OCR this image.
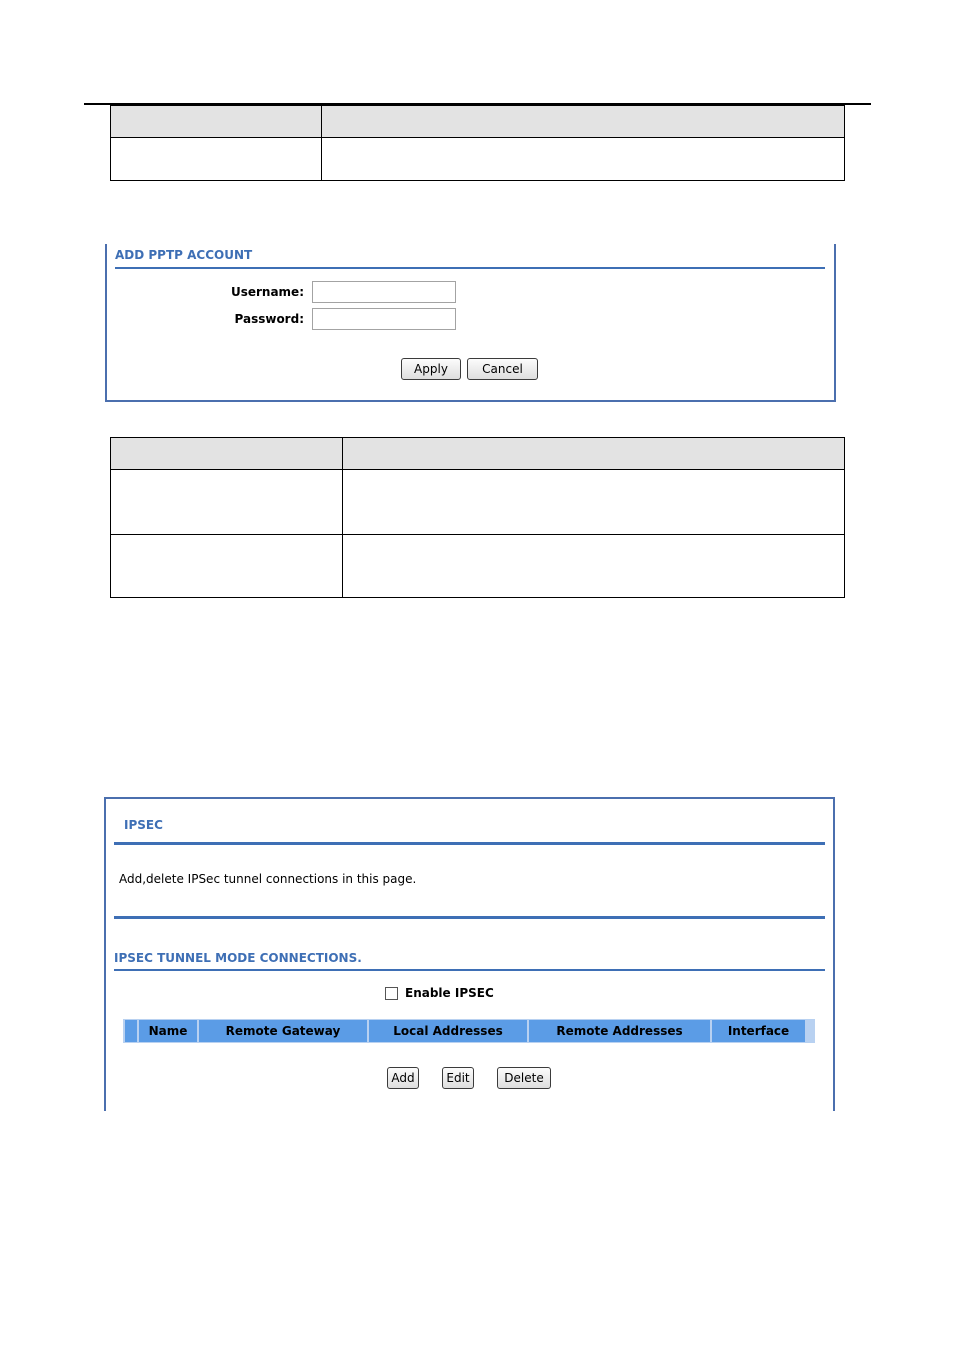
ADD PPTP ACCOUNT
Username:
Password:
Apply	Cancel

IPSEC
Add,delete IPSec tunnel connections in this page.
IPSEC TUNNEL MODE CONNECTIONS.
Enable IPSEC
Name	Remote Gateway	Local Addresses	Remote Addresses	Interface
Add	Edit	Delete
